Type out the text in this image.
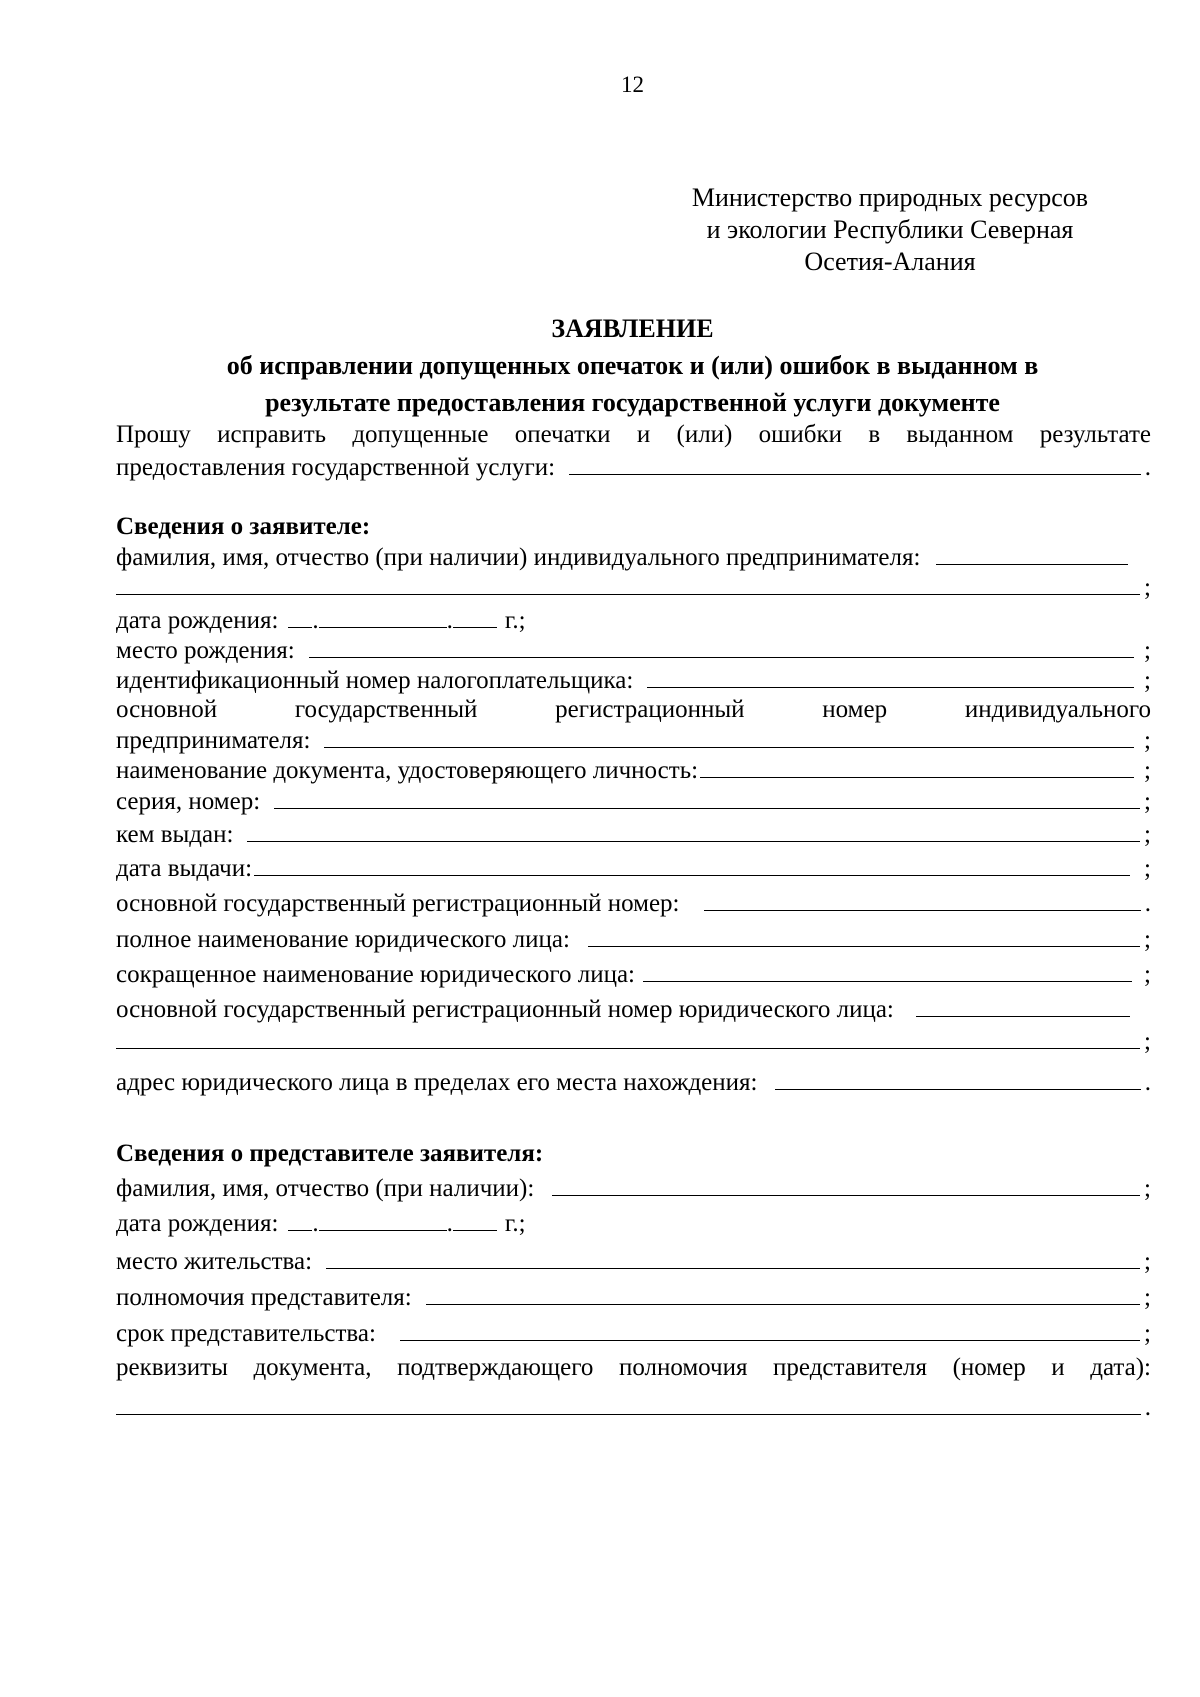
12
Министерство природных ресурсов
и экологии Республики Северная
Осетия-Алания
ЗАЯВЛЕНИЕ
об исправлении допущенных опечаток и (или) ошибок в выданном в
результате предоставления государственной услуги документе
Прошу исправить допущенные опечатки и (или) ошибки в выданном результате
предоставления государственной услуги:	.
Сведения о заявителе:
фамилия, имя, отчество (при наличии) индивидуального предпринимателя:
;
дата рождения: .	. г.;
место рождения:	;
идентификационный номер налогоплательщика:	;
основной государственный регистрационный номер индивидуального
предпринимателя:	;
наименование документа, удостоверяющего личность:	;
серия, номер:	;
кем выдан:	;
дата выдачи:	;
основной государственный регистрационный номер:	.
полное наименование юридического лица:	;
сокращенное наименование юридического лица:	;
основной государственный регистрационный номер юридического лица:
;
адрес юридического лица в пределах его места нахождения:	.
Сведения о представителе заявителя:
фамилия, имя, отчество (при наличии):	;
дата рождения: .	. г.;
место жительства:	;
полномочия представителя:	;
срок представительства:	;
реквизиты документа, подтверждающего полномочия представителя (номер и дата):
.
